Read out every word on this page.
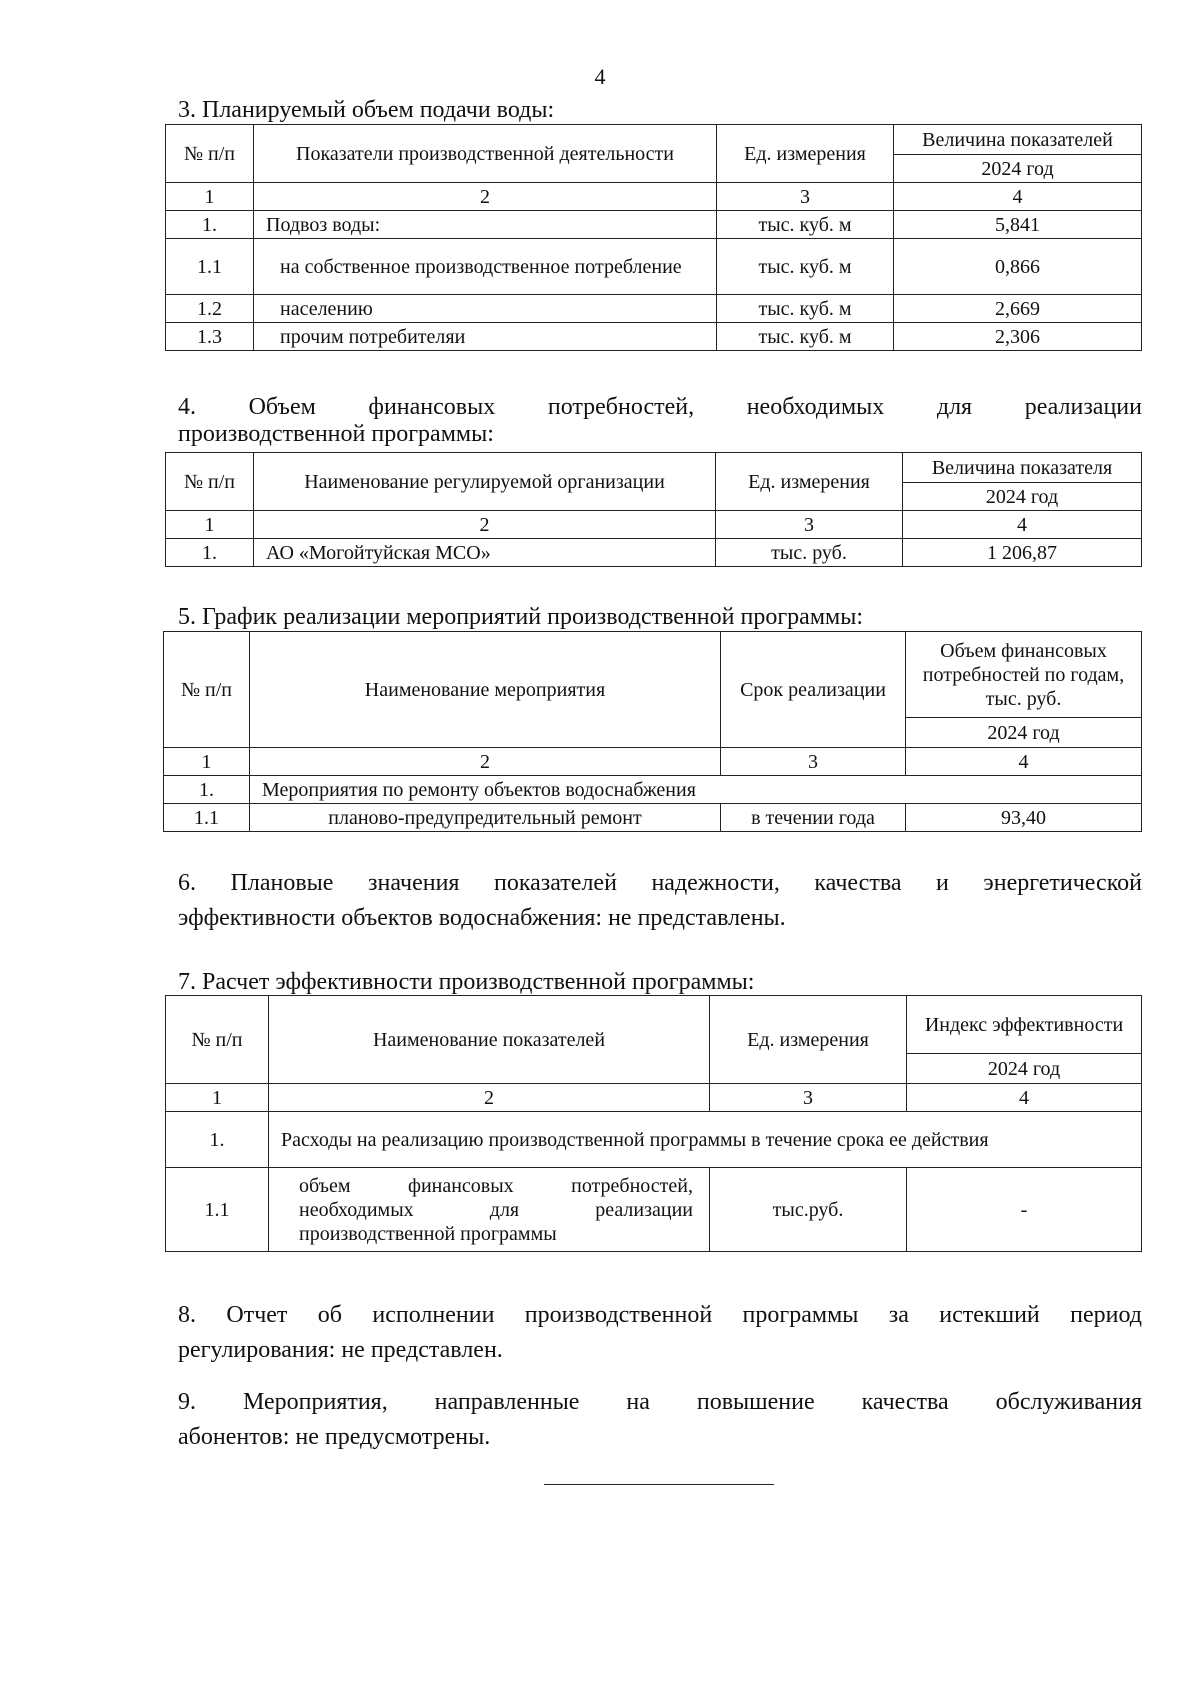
4
3. Планируемый объем подачи воды:
№ п/п	Показатели производственной деятельности	Ед. измерения	Величина показателей
			2024 год
1	2	3	4
1.	Подвоз воды:	тыс. куб. м	5,841
1.1	на собственное производственное потребление	тыс. куб. м	0,866
1.2	населению	тыс. куб. м	2,669
1.3	прочим потребителяи	тыс. куб. м	2,306
4. Объем финансовых потребностей, необходимых для реализации
производственной программы:
№ п/п	Наименование регулируемой организации	Ед. измерения	Величина показателя
			2024 год
1	2	3	4
1.	АО «Могойтуйская МСО»	тыс. руб.	1 206,87
5. График реализации мероприятий производственной программы:
№ п/п	Наименование мероприятия	Срок реализации	Объем финансовых потребностей по годам, тыс. руб.
			2024 год
1	2	3	4
1.	Мероприятия по ремонту объектов водоснабжения		
1.1	планово-предупредительный ремонт	в течении года	93,40
6. Плановые значения показателей надежности, качества и энергетической
эффективности объектов водоснабжения: не представлены.
7. Расчет эффективности производственной программы:
№ п/п	Наименование показателей	Ед. измерения	Индекс эффективности
			2024 год
1	2	3	4
1.	Расходы на реализацию производственной программы в течение срока ее действия		
1.1	объем финансовых потребностей,
необходимых для реализации
производственной программы	тыс.руб.	-
8. Отчет об исполнении производственной программы за истекший период
регулирования: не представлен.
9. Мероприятия, направленные на повышение качества обслуживания
абонентов: не предусмотрены.
